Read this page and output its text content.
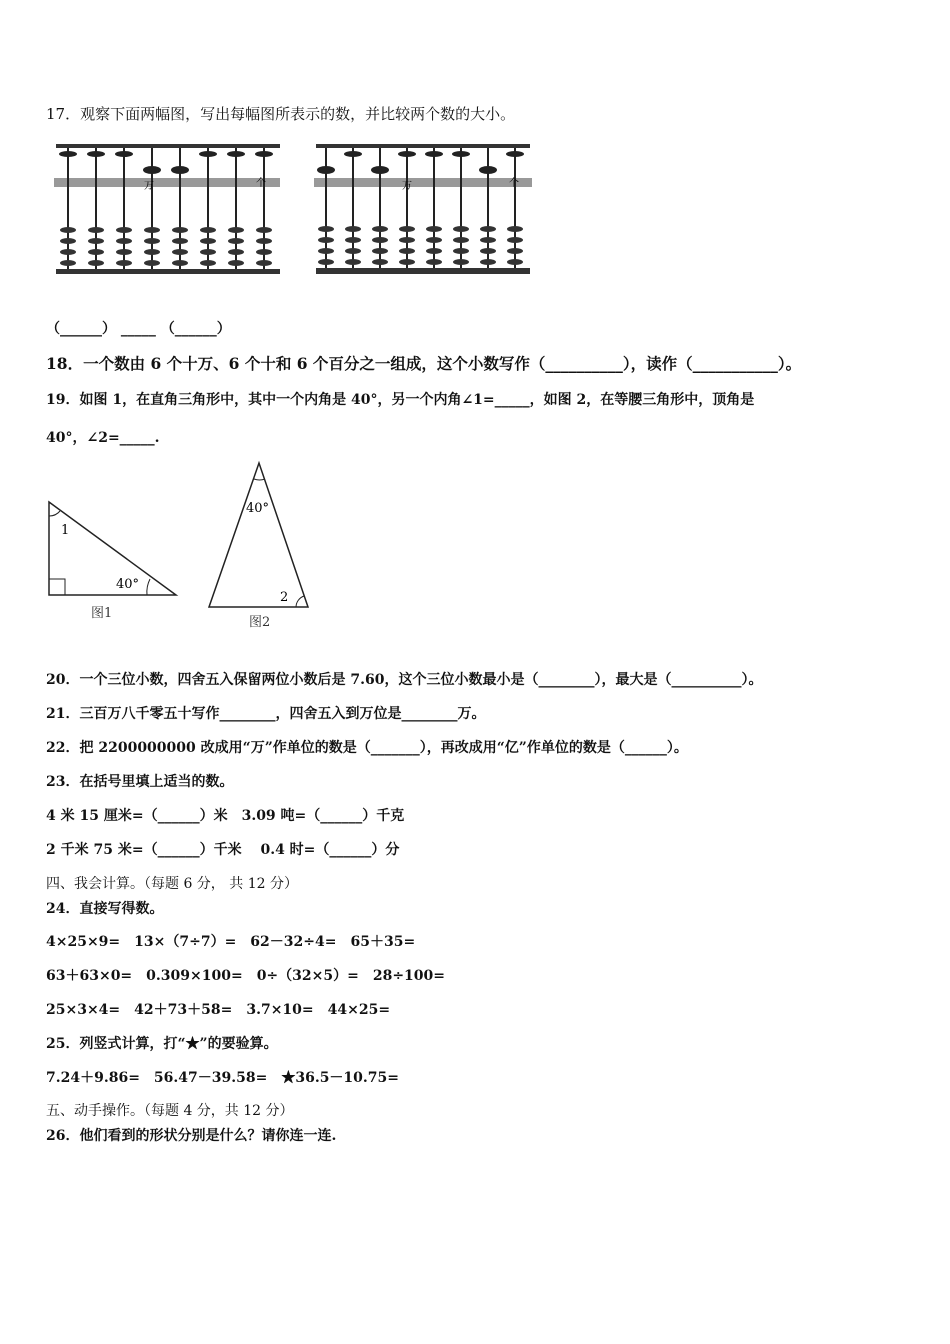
17．观察下面两幅图，写出每幅图所表示的数，并比较两个数的大小。
万	个	万	个
（______） _____ （______）
18．一个数由 6 个十万、6 个十和 6 个百分之一组成，这个小数写作（__________），读作（___________）。
19．如图 1，在直角三角形中，其中一个内角是 40°，另一个内角∠1=_____，如图 2，在等腰三角形中，顶角是
40°，∠2=_____.
1
40°
图1
40°
2
图2
20．一个三位小数，四舍五入保留两位小数后是 7.60，这个三位小数最小是（________），最大是（__________）。
21．三百万八千零五十写作________，四舍五入到万位是________万。
22．把 2200000000 改成用“万”作单位的数是（_______），再改成用“亿”作单位的数是（______）。
23．在括号里填上适当的数。
4 米 15 厘米=（______）米　3.09 吨=（______）千克
2 千米 75 米=（______）千米　 0.4 时=（______）分
四、我会计算。（每题 6 分， 共 12 分）
24．直接写得数。
4×25×9=　13×（7÷7）=　62－32÷4=　65＋35=
63＋63×0=　0.309×100=　0÷（32×5）=　28÷100=
25×3×4=　42＋73＋58=　3.7×10=　44×25=
25．列竖式计算，打“★”的要验算。
7.24＋9.86=　56.47－39.58=　★36.5－10.75=
五、动手操作。（每题 4 分，共 12 分）
26．他们看到的形状分别是什么？请你连一连.
